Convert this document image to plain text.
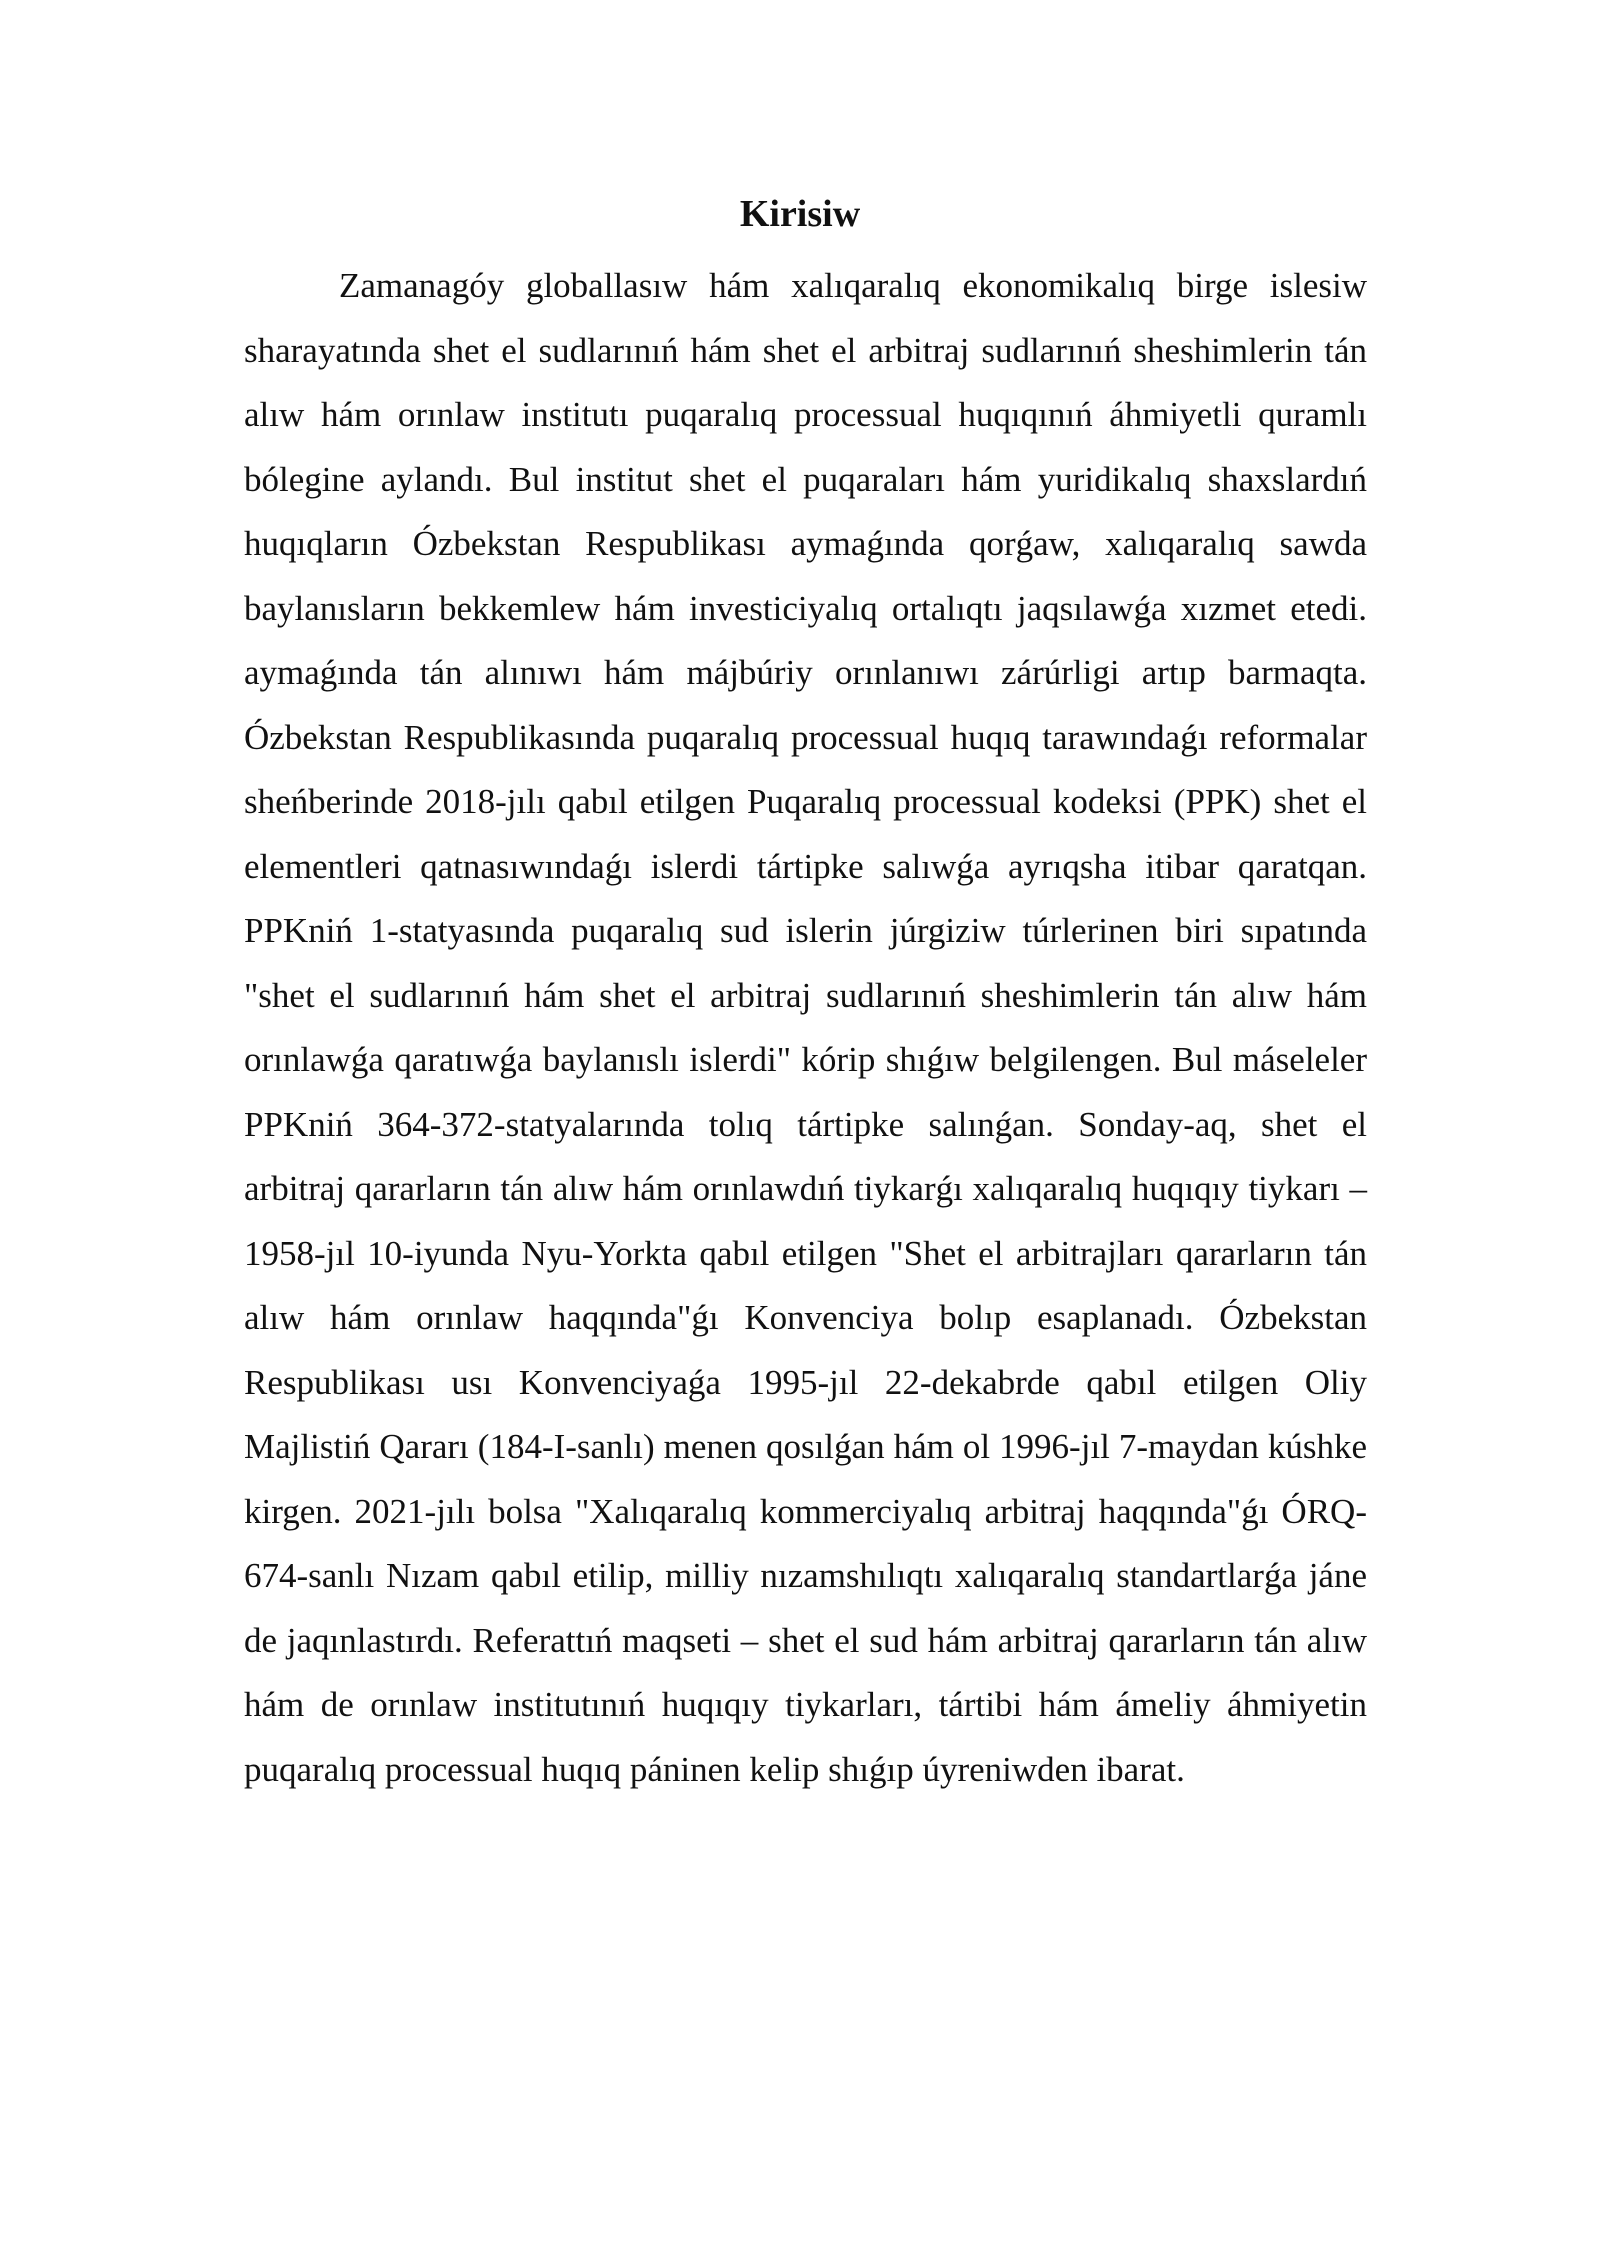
Kirisiw

Zamanagóy globallasıw hám xalıqaralıq ekonomikalıq birge islesiw sharayatında shet el sudlarınıń hám shet el arbitraj sudlarınıń sheshimlerin tán alıw hám orınlaw institutı puqaralıq processual huqıqınıń áhmiyetli quramlı bólegine aylandı. Bul institut shet el puqaraları hám yuridikalıq shaxslardıń huqıqların Ózbekstan Respublikası aymaǵında qorǵaw, xalıqaralıq sawda baylanısların bekkemlew hám investiciyalıq ortalıqtı jaqsılawǵa xızmet etedi. aymaǵında tán alınıwı hám májbúriy orınlanıwı zárúrligi artıp barmaqta. Ózbekstan Respublikasında puqaralıq processual huqıq tarawındaǵı reformalar sheńberinde 2018-jılı qabıl etilgen Puqaralıq processual kodeksi (PPK) shet el elementleri qatnasıwındaǵı islerdi tártipke salıwǵa ayrıqsha itibar qaratqan. PPKniń 1-statyasında puqaralıq sud islerin júrgiziw túrlerinen biri sıpatında "shet el sudlarınıń hám shet el arbitraj sudlarınıń sheshimlerin tán alıw hám orınlawǵa qaratıwǵa baylanıslı islerdi" kórip shıǵıw belgilengen. Bul máseleler PPKniń 364-372-statyalarında tolıq tártipke salınǵan. Sonday-aq, shet el arbitraj qararların tán alıw hám orınlawdıń tiykarǵı xalıqaralıq huqıqıy tiykarı – 1958-jıl 10-iyunda Nyu-Yorkta qabıl etilgen "Shet el arbitrajları qararların tán alıw hám orınlaw haqqında"ǵı Konvenciya bolıp esaplanadı. Ózbekstan Respublikası usı Konvenciyaǵa 1995-jıl 22-dekabrde qabıl etilgen Oliy Majlistiń Qararı (184-I-sanlı) menen qosılǵan hám ol 1996-jıl 7-maydan kúshke kirgen. 2021-jılı bolsa "Xalıqaralıq kommerciyalıq arbitraj haqqında"ǵı ÓRQ-674-sanlı Nızam qabıl etilip, milliy nızamshılıqtı xalıqaralıq standartlarǵa jáne de jaqınlastırdı. Referattıń maqseti – shet el sud hám arbitraj qararların tán alıw hám de orınlaw institutınıń huqıqıy tiykarları, tártibi hám ámeliy áhmiyetin puqaralıq processual huqıq páninen kelip shıǵıp úyreniwden ibarat.
